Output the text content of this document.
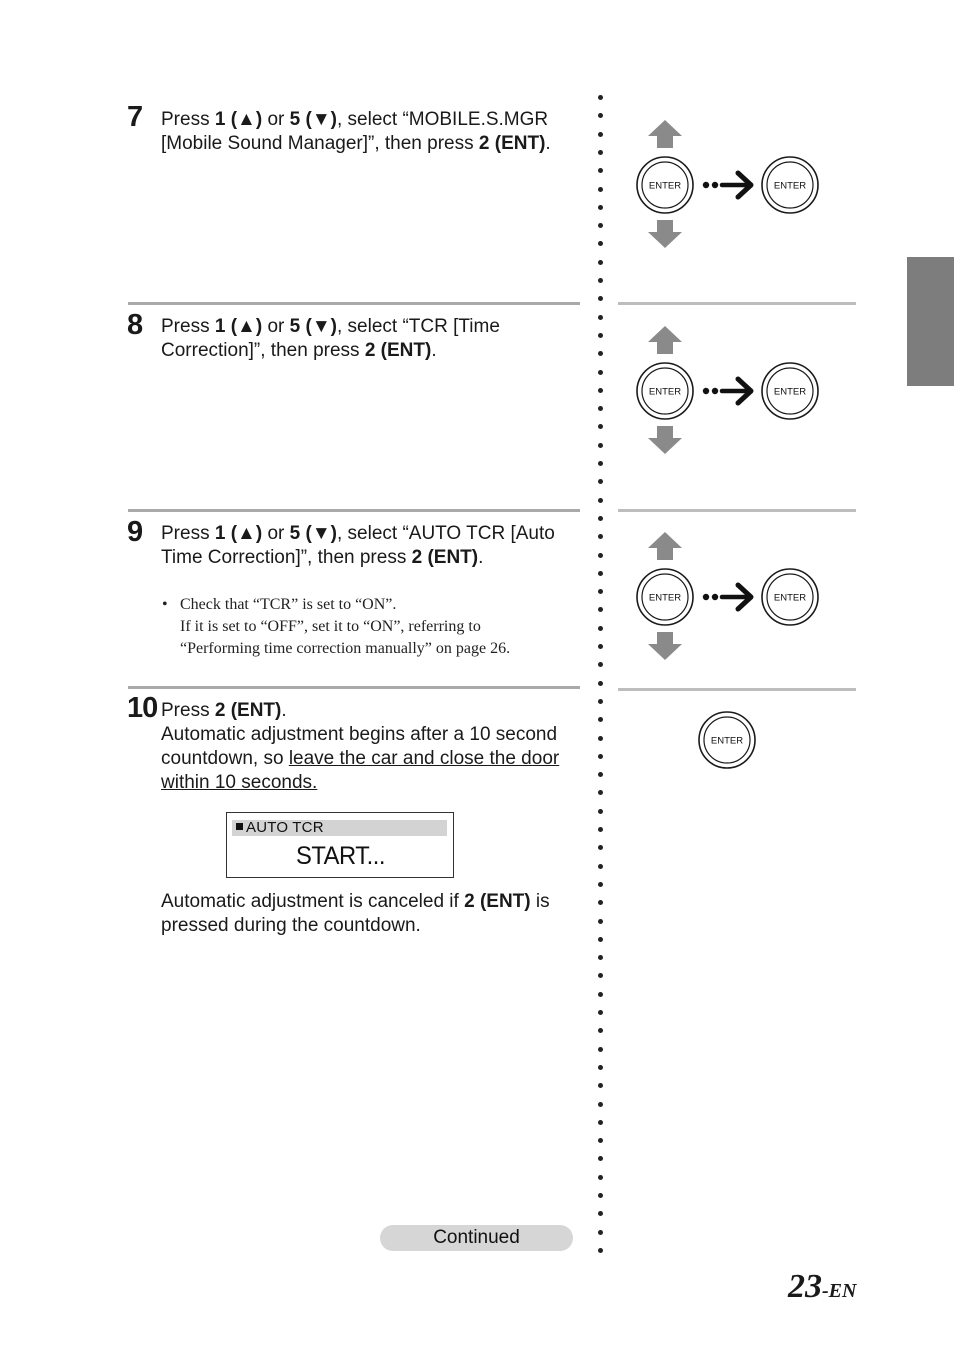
7 Press 1 (▲) or 5 (▼), select “MOBILE.S.MGR [Mobile Sound Manager]”, then press 2 (ENT).
8 Press 1 (▲) or 5 (▼), select “TCR [Time Correction]”, then press 2 (ENT).
9 Press 1 (▲) or 5 (▼), select “AUTO TCR [Auto Time Correction]”, then press 2 (ENT).
• Check that “TCR” is set to “ON”.
If it is set to “OFF”, set it to “ON”, referring to
“Performing time correction manually” on page 26.
10 Press 2 (ENT).
Automatic adjustment begins after a 10 second countdown, so leave the car and close the door within 10 seconds.
AUTO TCR
START...
Automatic adjustment is canceled if 2 (ENT) is pressed during the countdown.
Continued
ENTER	ENTER
ENTER	ENTER
ENTER	ENTER
ENTER
23-EN
